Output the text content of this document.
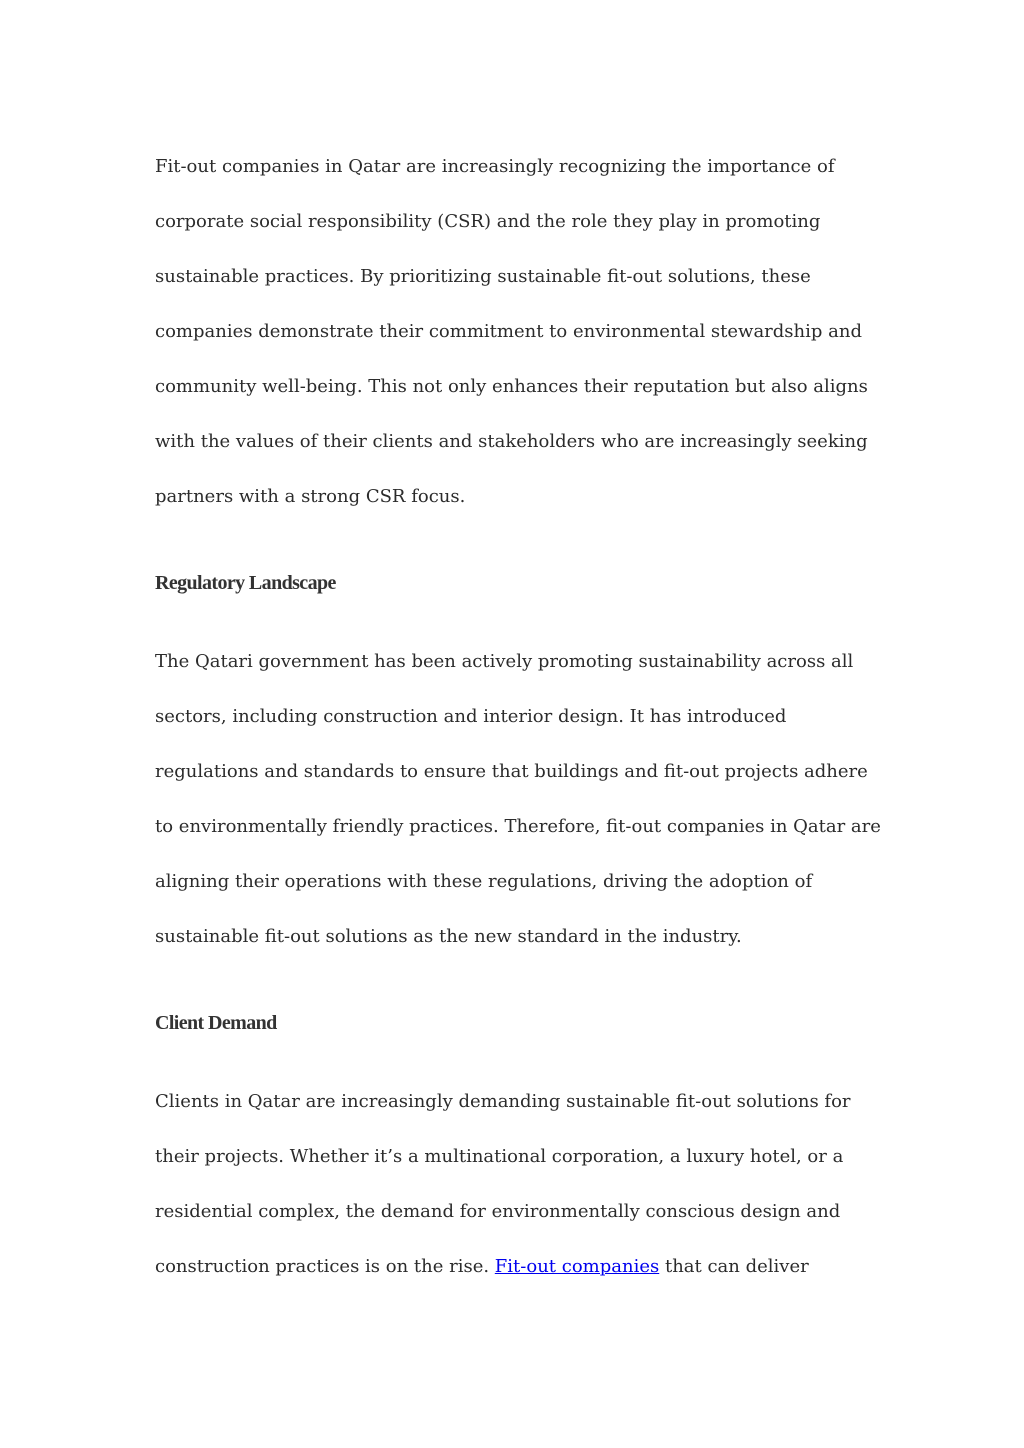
Fit-out companies in Qatar are increasingly recognizing the importance of
corporate social responsibility (CSR) and the role they play in promoting
sustainable practices. By prioritizing sustainable fit-out solutions, these
companies demonstrate their commitment to environmental stewardship and
community well-being. This not only enhances their reputation but also aligns
with the values of their clients and stakeholders who are increasingly seeking
partners with a strong CSR focus.
Regulatory Landscape
The Qatari government has been actively promoting sustainability across all
sectors, including construction and interior design. It has introduced
regulations and standards to ensure that buildings and fit-out projects adhere
to environmentally friendly practices. Therefore, fit-out companies in Qatar are
aligning their operations with these regulations, driving the adoption of
sustainable fit-out solutions as the new standard in the industry.
Client Demand
Clients in Qatar are increasingly demanding sustainable fit-out solutions for
their projects. Whether it’s a multinational corporation, a luxury hotel, or a
residential complex, the demand for environmentally conscious design and
construction practices is on the rise. Fit-out companies that can deliver
